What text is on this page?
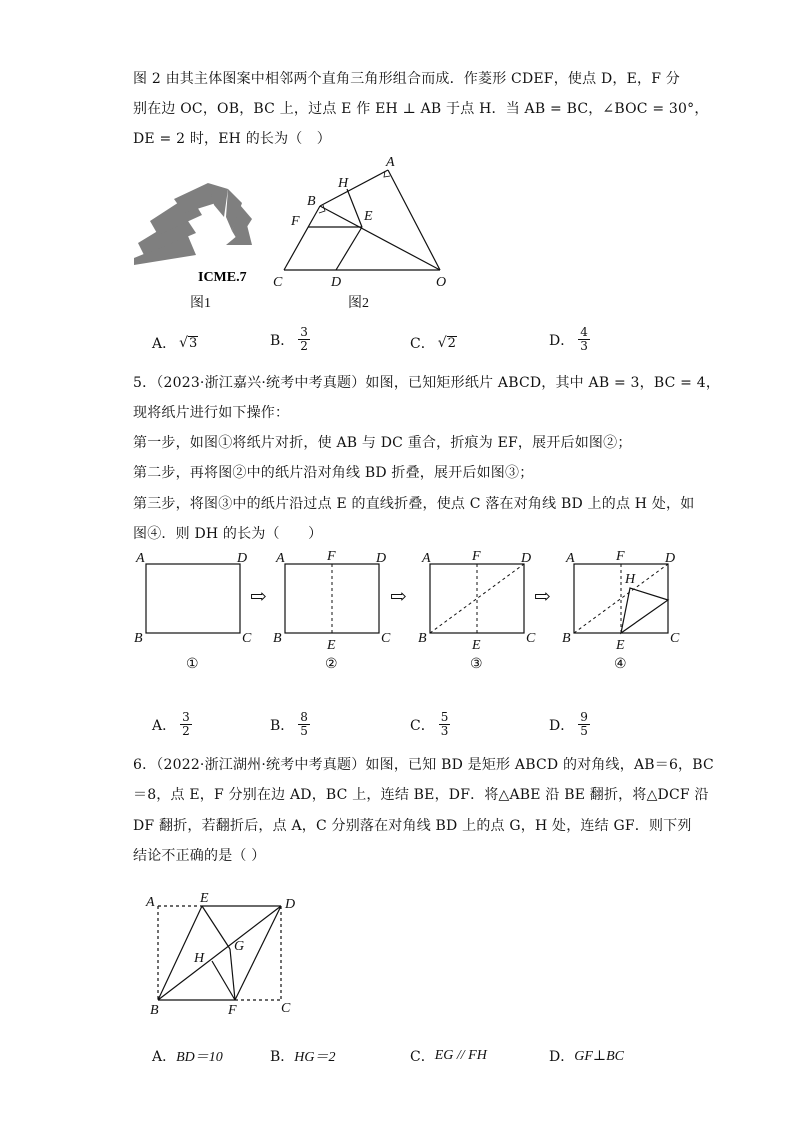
图 2 由其主体图案中相邻两个直角三角形组合而成．作菱形 CDEF，使点 D，E，F 分
别在边 OC，OB，BC 上，过点 E 作 EH ⊥ AB 于点 H．当 AB = BC，∠BOC = 30°，
DE = 2 时，EH 的长为（　）
ICME.7
图1
A
H
B
E
F
C	D	O
图2
A． √ 3	B． $\frac{3}{2}$	C． √ 2	D． $\frac{4}{3}$
5．（2023·浙江嘉兴·统考中考真题）如图，已知矩形纸片 ABCD，其中 AB = 3，BC = 4，
现将纸片进行如下操作：
第一步，如图①将纸片对折，使 AB 与 DC 重合，折痕为 EF，展开后如图②；
第二步，再将图②中的纸片沿对角线 BD 折叠，展开后如图③；
第三步，将图③中的纸片沿过点 E 的直线折叠，使点 C 落在对角线 BD 上的点 H 处，如
图④．则 DH 的长为（　　）
A	D
B	C
①
⇨
A	F	D
B	E	C
②
⇨
A	F	D
B	E	C
③
⇨
A	F	D
H
B	E	C
④
A． $\frac{3}{2}$	B． $\frac{8}{5}$	C． $\frac{5}{3}$	D． $\frac{9}{5}$
6．（2022·浙江湖州·统考中考真题）如图，已知 BD 是矩形 ABCD 的对角线，AB＝6，BC
＝8，点 E，F 分别在边 AD，BC 上，连结 BE，DF．将△ABE 沿 BE 翻折，将△DCF 沿
DF 翻折，若翻折后，点 A，C 分别落在对角线 BD 上的点 G，H 处，连结 GF．则下列
结论不正确的是（ ）
A	E	D
G
H
B	F	C
A． BD＝10	B． HG＝2	C． EG // FH	D． GF⊥BC
